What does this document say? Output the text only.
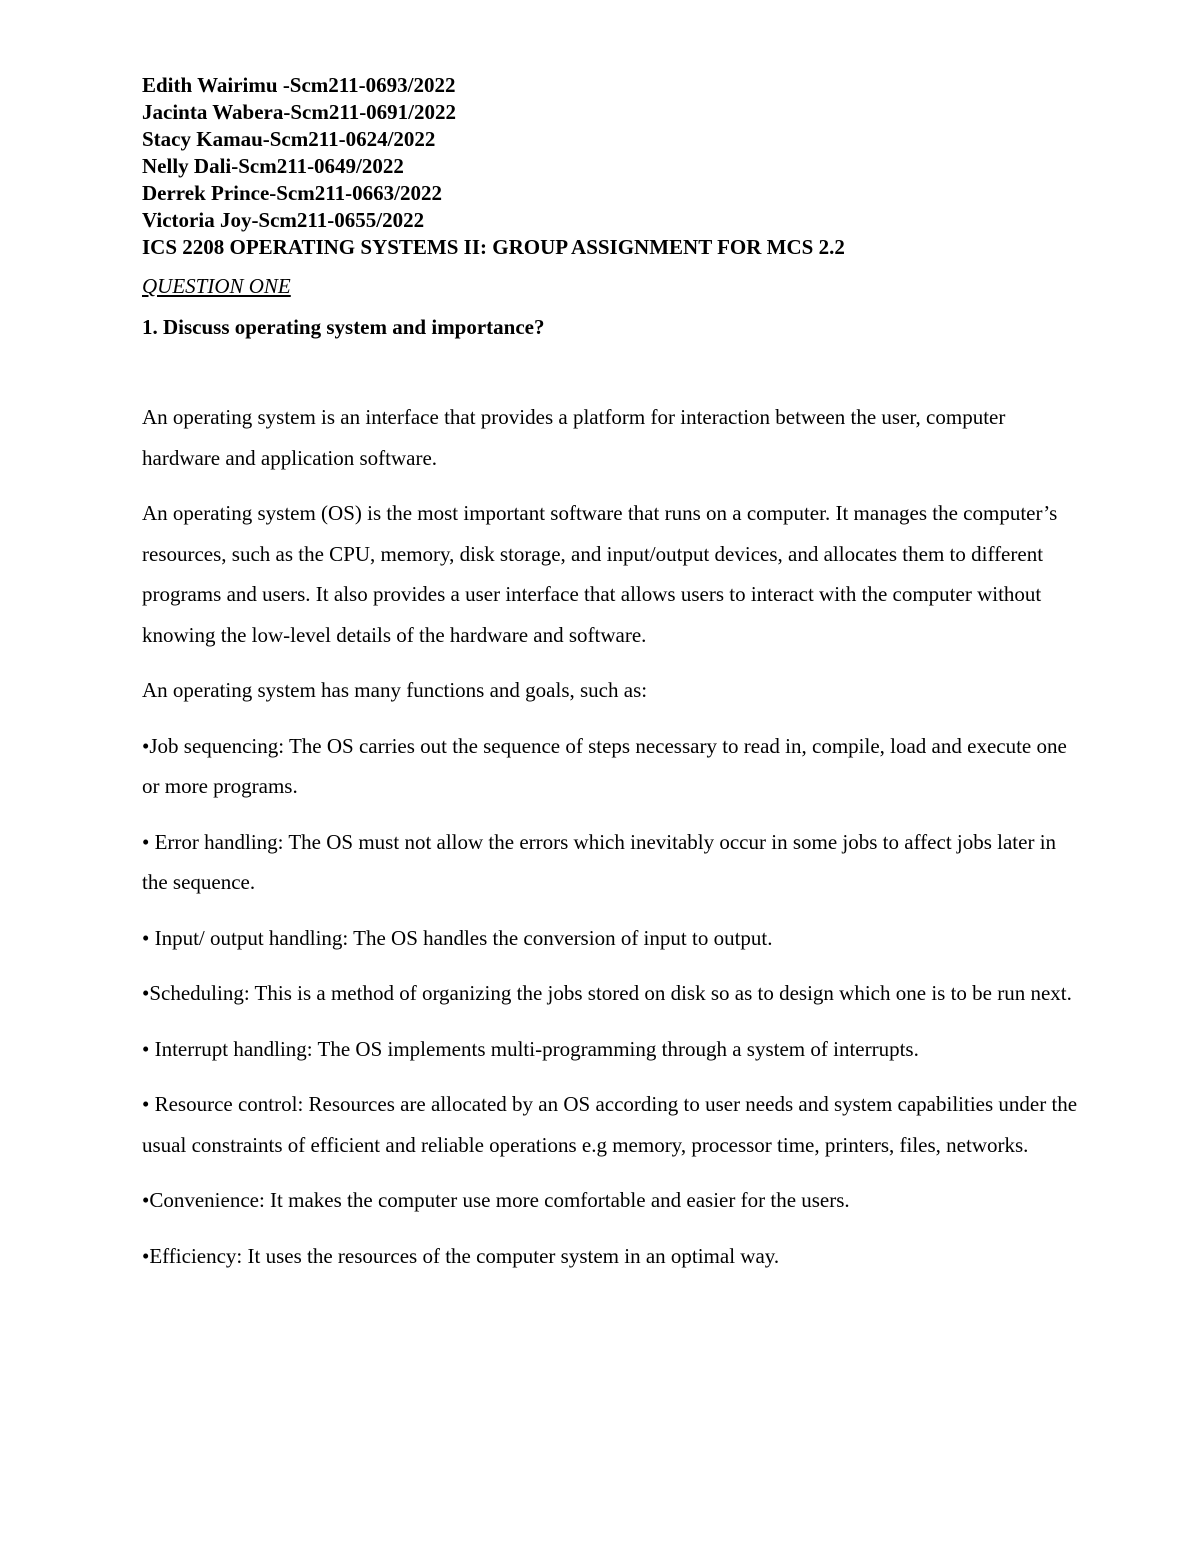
Edith Wairimu -Scm211-0693/2022
Jacinta Wabera-Scm211-0691/2022
Stacy Kamau-Scm211-0624/2022
Nelly Dali-Scm211-0649/2022
Derrek Prince-Scm211-0663/2022
Victoria Joy-Scm211-0655/2022
ICS 2208 OPERATING SYSTEMS II: GROUP ASSIGNMENT FOR MCS 2.2
QUESTION ONE
1. Discuss operating system and importance?

An operating system is an interface that provides a platform for interaction between the user, computer hardware and application software.

An operating system (OS) is the most important software that runs on a computer. It manages the computer’s resources, such as the CPU, memory, disk storage, and input/output devices, and allocates them to different programs and users. It also provides a user interface that allows users to interact with the computer without knowing the low-level details of the hardware and software.

An operating system has many functions and goals, such as:

•Job sequencing: The OS carries out the sequence of steps necessary to read in, compile, load and execute one or more programs.

• Error handling: The OS must not allow the errors which inevitably occur in some jobs to affect jobs later in the sequence.

• Input/ output handling: The OS handles the conversion of input to output.

•Scheduling: This is a method of organizing the jobs stored on disk so as to design which one is to be run next.

• Interrupt handling: The OS implements multi-programming through a system of interrupts.

• Resource control: Resources are allocated by an OS according to user needs and system capabilities under the usual constraints of efficient and reliable operations e.g memory, processor time, printers, files, networks.

•Convenience: It makes the computer use more comfortable and easier for the users.

•Efficiency: It uses the resources of the computer system in an optimal way.
